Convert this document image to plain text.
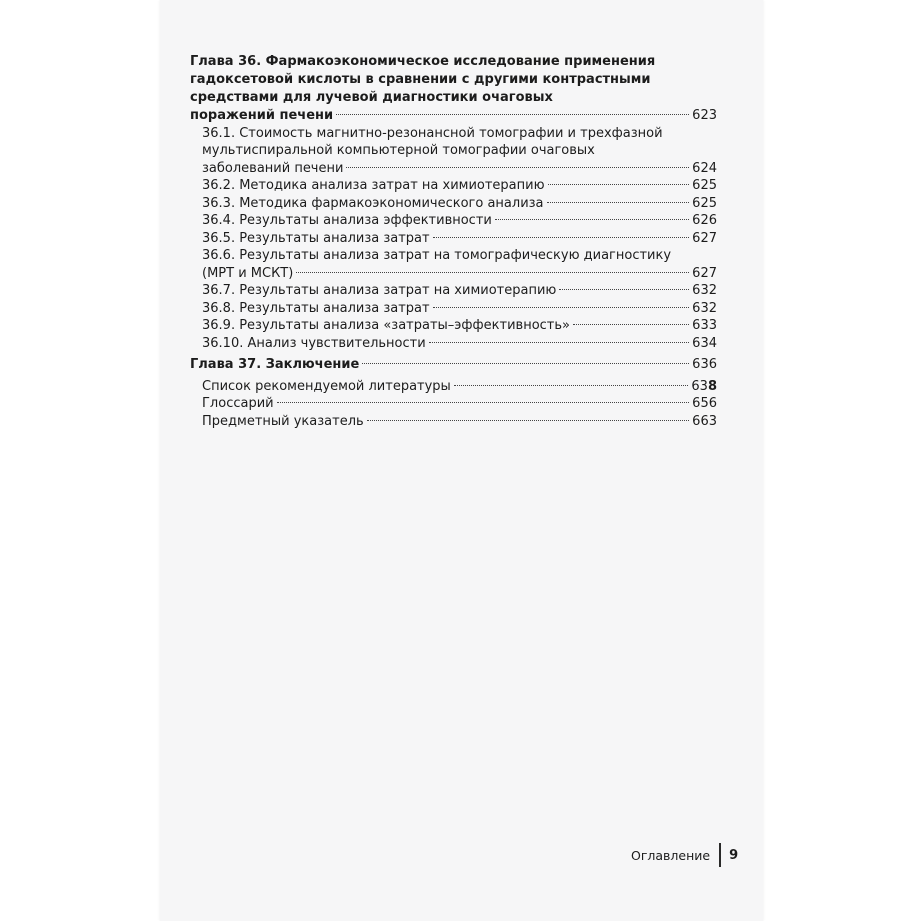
Глава 36. Фармакоэкономическое исследование применения
гадоксетовой кислоты в сравнении с другими контрастными
средствами для лучевой диагностики очаговых
поражений печени	623
36.1. Стоимость магнитно-резонансной томографии и трехфазной
мультиспиральной компьютерной томографии очаговых
заболеваний печени	624
36.2. Методика анализа затрат на химиотерапию	625
36.3. Методика фармакоэкономического анализа	625
36.4. Результаты анализа эффективности	626
36.5. Результаты анализа затрат	627
36.6. Результаты анализа затрат на томографическую диагностику
(МРТ и МСКТ)	627
36.7. Результаты анализа затрат на химиотерапию	632
36.8. Результаты анализа затрат	632
36.9. Результаты анализа «затраты–эффективность»	633
36.10. Анализ чувствительности	634
Глава 37. Заключение	636
Список рекомендуемой литературы	638
Глоссарий	656
Предметный указатель	663
Оглавление 9
